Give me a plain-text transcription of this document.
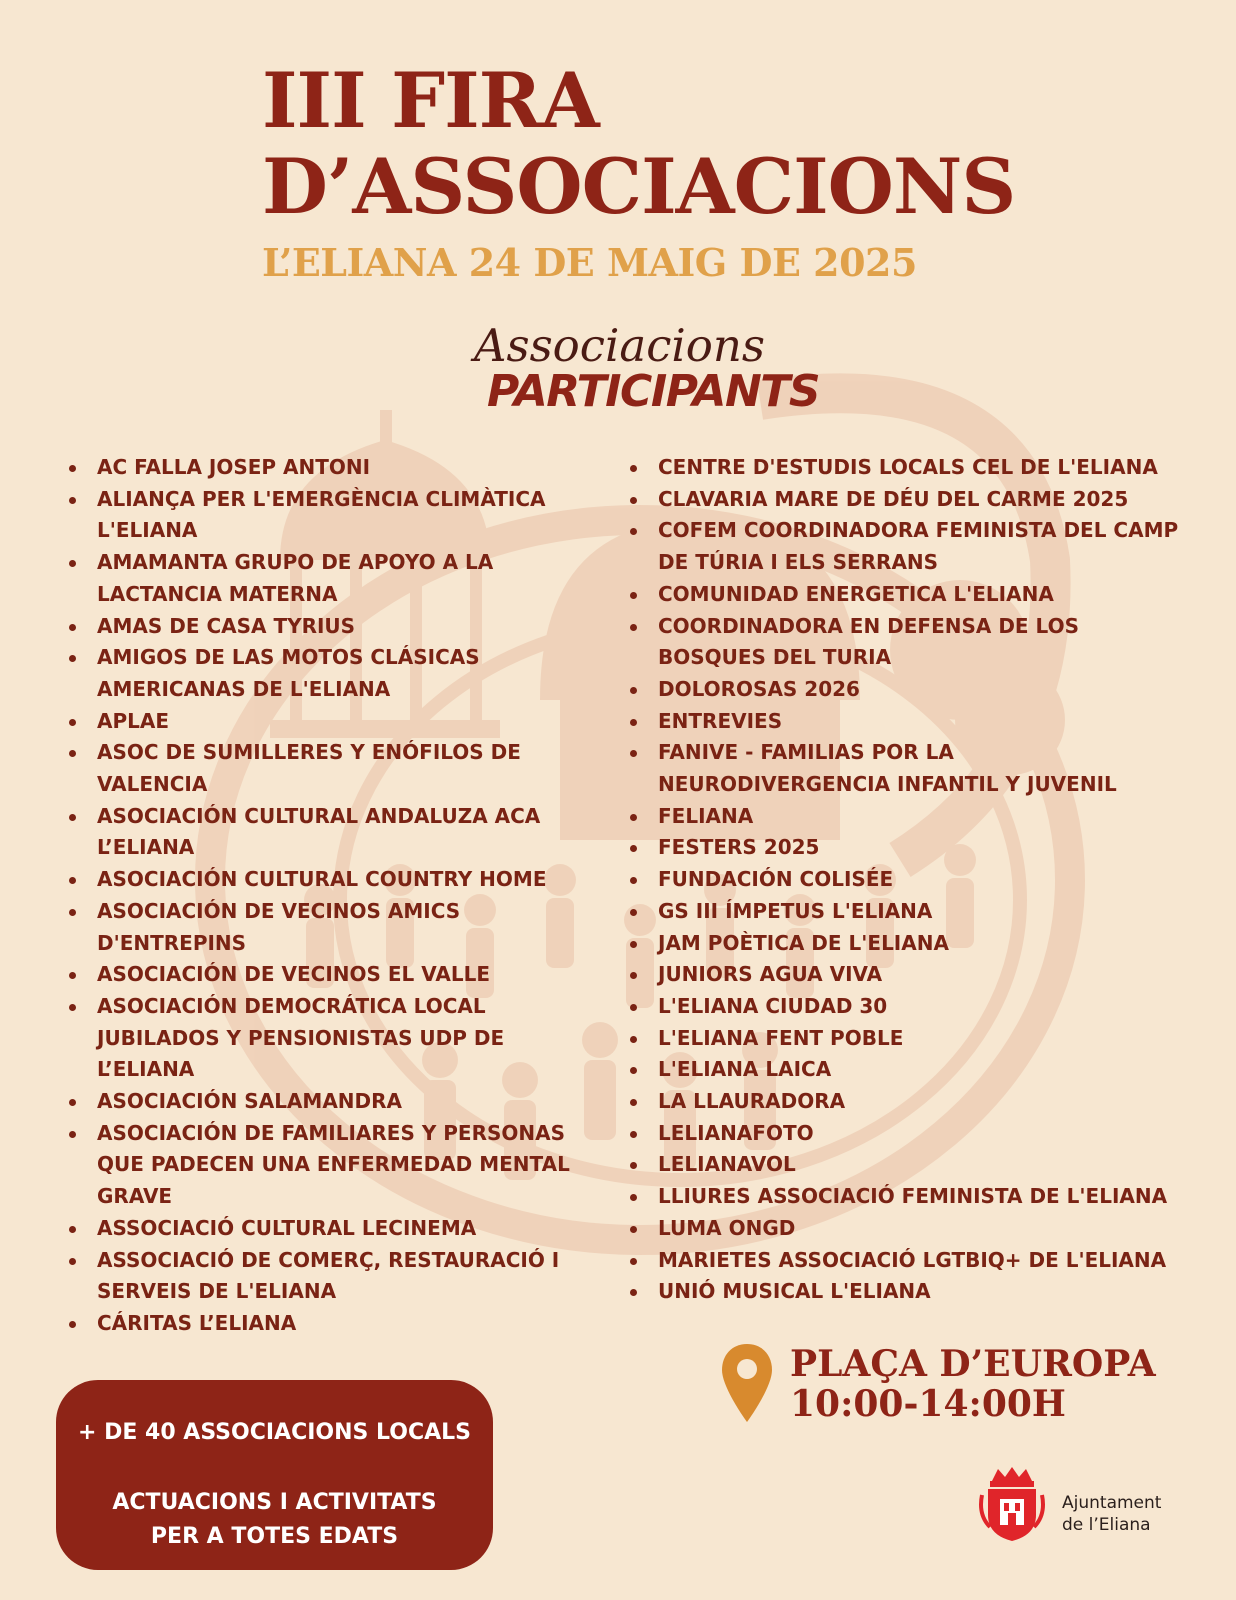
III FIRA
D’ASSOCIACIONS
L’ELIANA 24 DE MAIG DE 2025
Associacions
PARTICIPANTS
AC FALLA JOSEP ANTONI
ALIANÇA PER L'EMERGÈNCIA CLIMÀTICA
L'ELIANA
AMAMANTA GRUPO DE APOYO A LA
LACTANCIA MATERNA
AMAS DE CASA TYRIUS
AMIGOS DE LAS MOTOS CLÁSICAS
AMERICANAS DE L'ELIANA
APLAE
ASOC DE SUMILLERES Y ENÓFILOS DE
VALENCIA
ASOCIACIÓN CULTURAL ANDALUZA ACA
L’ELIANA
ASOCIACIÓN CULTURAL COUNTRY HOME
ASOCIACIÓN DE VECINOS AMICS
D'ENTREPINS
ASOCIACIÓN DE VECINOS EL VALLE
ASOCIACIÓN DEMOCRÁTICA LOCAL
JUBILADOS Y PENSIONISTAS UDP DE
L’ELIANA
ASOCIACIÓN SALAMANDRA
ASOCIACIÓN DE FAMILIARES Y PERSONAS
QUE PADECEN UNA ENFERMEDAD MENTAL
GRAVE
ASSOCIACIÓ CULTURAL LECINEMA
ASSOCIACIÓ DE COMERÇ, RESTAURACIÓ I
SERVEIS DE L'ELIANA
CÁRITAS L’ELIANA
CENTRE D'ESTUDIS LOCALS CEL DE L'ELIANA
CLAVARIA MARE DE DÉU DEL CARME 2025
COFEM COORDINADORA FEMINISTA DEL CAMP
DE TÚRIA I ELS SERRANS
COMUNIDAD ENERGETICA L'ELIANA
COORDINADORA EN DEFENSA DE LOS
BOSQUES DEL TURIA
DOLOROSAS 2026
ENTREVIES
FANIVE - FAMILIAS POR LA
NEURODIVERGENCIA INFANTIL Y JUVENIL
FELIANA
FESTERS 2025
FUNDACIÓN COLISÉE
GS III ÍMPETUS L'ELIANA
JAM POÈTICA DE L'ELIANA
JUNIORS AGUA VIVA
L'ELIANA CIUDAD 30
L'ELIANA FENT POBLE
L'ELIANA LAICA
LA LLAURADORA
LELIANAFOTO
LELIANAVOL
LLIURES ASSOCIACIÓ FEMINISTA DE L'ELIANA
LUMA ONGD
MARIETES ASSOCIACIÓ LGTBIQ+ DE L'ELIANA
UNIÓ MUSICAL L'ELIANA
PLAÇA D’EUROPA
10:00-14:00H
+ DE 40 ASSOCIACIONS LOCALS
ACTUACIONS I ACTIVITATS PER A TOTES EDATS
Ajuntament
de l’Eliana
